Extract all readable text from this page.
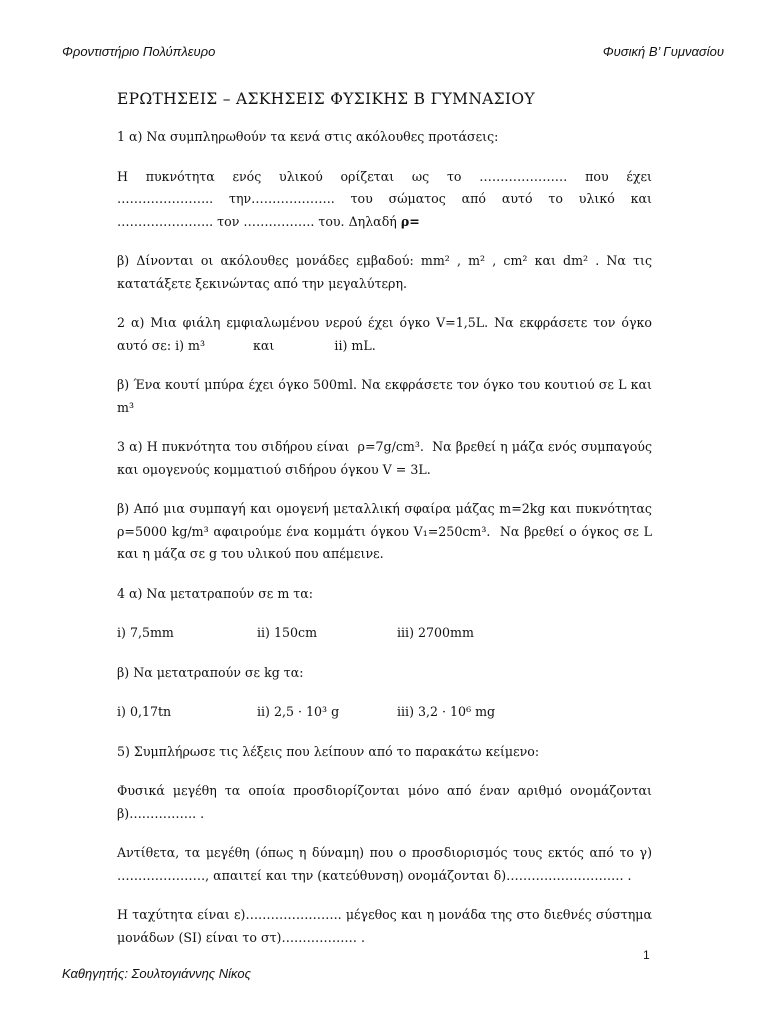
Φροντιστήριο Πολύπλευρο	Φυσική Β’ Γυμνασίου
ΕΡΩΤΗΣΕΙΣ – ΑΣΚΗΣΕΙΣ ΦΥΣΙΚΗΣ Β ΓΥΜΝΑΣΙΟΥ

1 α) Να συμπληρωθούν τα κενά στις ακόλουθες προτάσεις:

Η πυκνότητα ενός υλικού ορίζεται ως το ………………… που έχει
………………….. την……………….. του σώματος από αυτό το υλικό και
………………….. τον …………….. του. Δηλαδή ρ=

β) Δίνονται οι ακόλουθες μονάδες εμβαδού: mm² , m² , cm² και dm² . Να τις κατατάξετε ξεκινώντας από την μεγαλύτερη.

2 α) Μια φιάλη εμφιαλωμένου νερού έχει όγκο V=1,5L. Να εκφράσετε τον όγκο αυτό σε: i) m³            και               ii) mL.

β) Ένα κουτί μπύρα έχει όγκο 500ml. Να εκφράσετε τον όγκο του κουτιού σε L και m³

3 α) Η πυκνότητα του σιδήρου είναι  ρ=7g/cm³.  Να βρεθεί η μάζα ενός συμπαγούς και ομογενούς κομματιού σιδήρου όγκου V = 3L.

β) Από μια συμπαγή και ομογενή μεταλλική σφαίρα μάζας m=2kg και πυκνότητας ρ=5000 kg/m³ αφαιρούμε ένα κομμάτι όγκου V₁=250cm³.  Να βρεθεί ο όγκος σε L και η μάζα σε g του υλικού που απέμεινε.

4 α) Να μετατραπούν σε m τα:

i) 7,5mm	ii) 150cm	iii) 2700mm

β) Να μετατραπούν σε kg τα:

i) 0,17tn	ii) 2,5 · 10³ g	iii) 3,2 · 10⁶ mg

5) Συμπλήρωσε τις λέξεις που λείπουν από το παρακάτω κείμενο:

Φυσικά μεγέθη τα οποία προσδιορίζονται μόνο από έναν αριθμό ονομάζονται β)……………. .

Αντίθετα, τα μεγέθη (όπως η δύναμη) που ο προσδιορισμός τους εκτός από το γ) …………………, απαιτεί και την (κατεύθυνση) ονομάζονται δ)………………………. .

Η ταχύτητα είναι ε)………………….. μέγεθος και η μονάδα της στο διεθνές σύστημα μονάδων (SI) είναι το στ)……………… .

1
Καθηγητής: Σουλτογιάννης Νίκος
